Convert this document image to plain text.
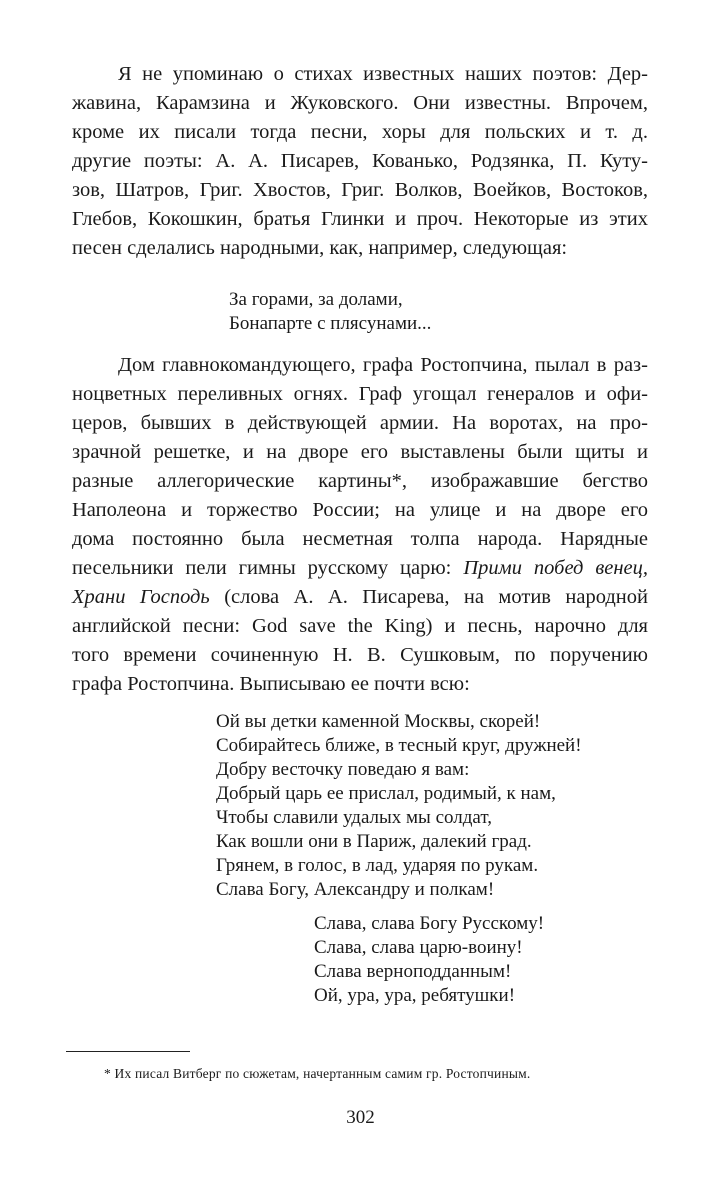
Я не упоминаю о стихах известных наших поэтов: Дер-
жавина, Карамзина и Жуковского. Они известны. Впрочем,
кроме их писали тогда песни, хоры для польских и т. д.
другие поэты: А. А. Писарев, Кованько, Родзянка, П. Куту-
зов, Шатров, Григ. Хвостов, Григ. Волков, Воейков, Востоков,
Глебов, Кокошкин, братья Глинки и проч. Некоторые из этих
песен сделались народными, как, например, следующая:

За горами, за долами,
Бонапарте с плясунами...

Дом главнокомандующего, графа Ростопчина, пылал в раз-
ноцветных переливных огнях. Граф угощал генералов и офи-
церов, бывших в действующей армии. На воротах, на про-
зрачной решетке, и на дворе его выставлены были щиты и
разные аллегорические картины*, изображавшие бегство
Наполеона и торжество России; на улице и на дворе его
дома постоянно была несметная толпа народа. Нарядные
песельники пели гимны русскому царю: Прими побед венец,
Храни Господь (слова А. А. Писарева, на мотив народной
английской песни: God save the King) и песнь, нарочно для
того времени сочиненную Н. В. Сушковым, по поручению
графа Ростопчина. Выписываю ее почти всю:

Ой вы детки каменной Москвы, скорей!
Собирайтесь ближе, в тесный круг, дружней!
Добру весточку поведаю я вам:
Добрый царь ее прислал, родимый, к нам,
Чтобы славили удалых мы солдат,
Как вошли они в Париж, далекий град.
Грянем, в голос, в лад, ударяя по рукам.
Слава Богу, Александру и полкам!
Слава, слава Богу Русскому!
Слава, слава царю-воину!
Слава верноподданным!
Ой, ура, ура, ребятушки!
* Их писал Витберг по сюжетам, начертанным самим гр. Ростопчиным.
302
